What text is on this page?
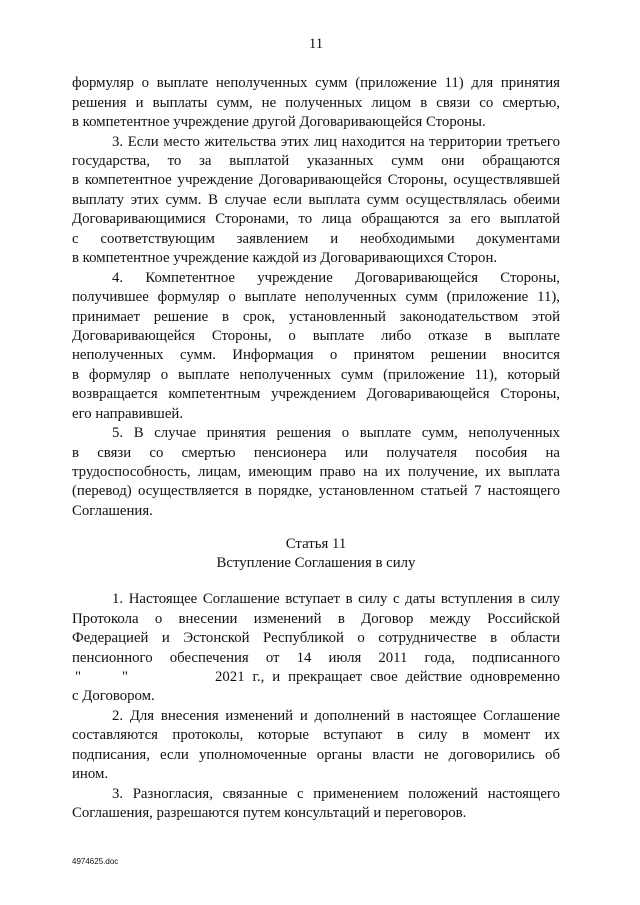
11
формуляр о выплате неполученных сумм (приложение 11) для принятия
решения и выплаты сумм, не полученных лицом в связи со смертью,
в компетентное учреждение другой Договаривающейся Стороны.
3. Если место жительства этих лиц находится на территории третьего
государства, то за выплатой указанных сумм они обращаются
в компетентное учреждение Договаривающейся Стороны, осуществлявшей
выплату этих сумм. В случае если выплата сумм осуществлялась обеими
Договаривающимися Сторонами, то лица обращаются за его выплатой
с соответствующим заявлением и необходимыми документами
в компетентное учреждение каждой из Договаривающихся Сторон.
4. Компетентное учреждение Договаривающейся Стороны,
получившее формуляр о выплате неполученных сумм (приложение 11),
принимает решение в срок, установленный законодательством этой
Договаривающейся Стороны, о выплате либо отказе в выплате
неполученных сумм. Информация о принятом решении вносится
в формуляр о выплате неполученных сумм (приложение 11), который
возвращается компетентным учреждением Договаривающейся Стороны,
его направившей.
5. В случае принятия решения о выплате сумм, неполученных
в связи со смертью пенсионера или получателя пособия на
трудоспособность, лицам, имеющим право на их получение, их выплата
(перевод) осуществляется в порядке, установленном статьей 7 настоящего
Соглашения.
Статья 11
Вступление Соглашения в силу
1. Настоящее Соглашение вступает в силу с даты вступления в силу
Протокола о внесении изменений в Договор между Российской
Федерацией и Эстонской Республикой о сотрудничестве в области
пенсионного обеспечения от 14 июля 2011 года, подписанного
"	"	2021 г., и прекращает свое действие одновременно
с Договором.
2. Для внесения изменений и дополнений в настоящее Соглашение
составляются протоколы, которые вступают в силу в момент их
подписания, если уполномоченные органы власти не договорились об
ином.
3. Разногласия, связанные с применением положений настоящего
Соглашения, разрешаются путем консультаций и переговоров.
4974625.doc
